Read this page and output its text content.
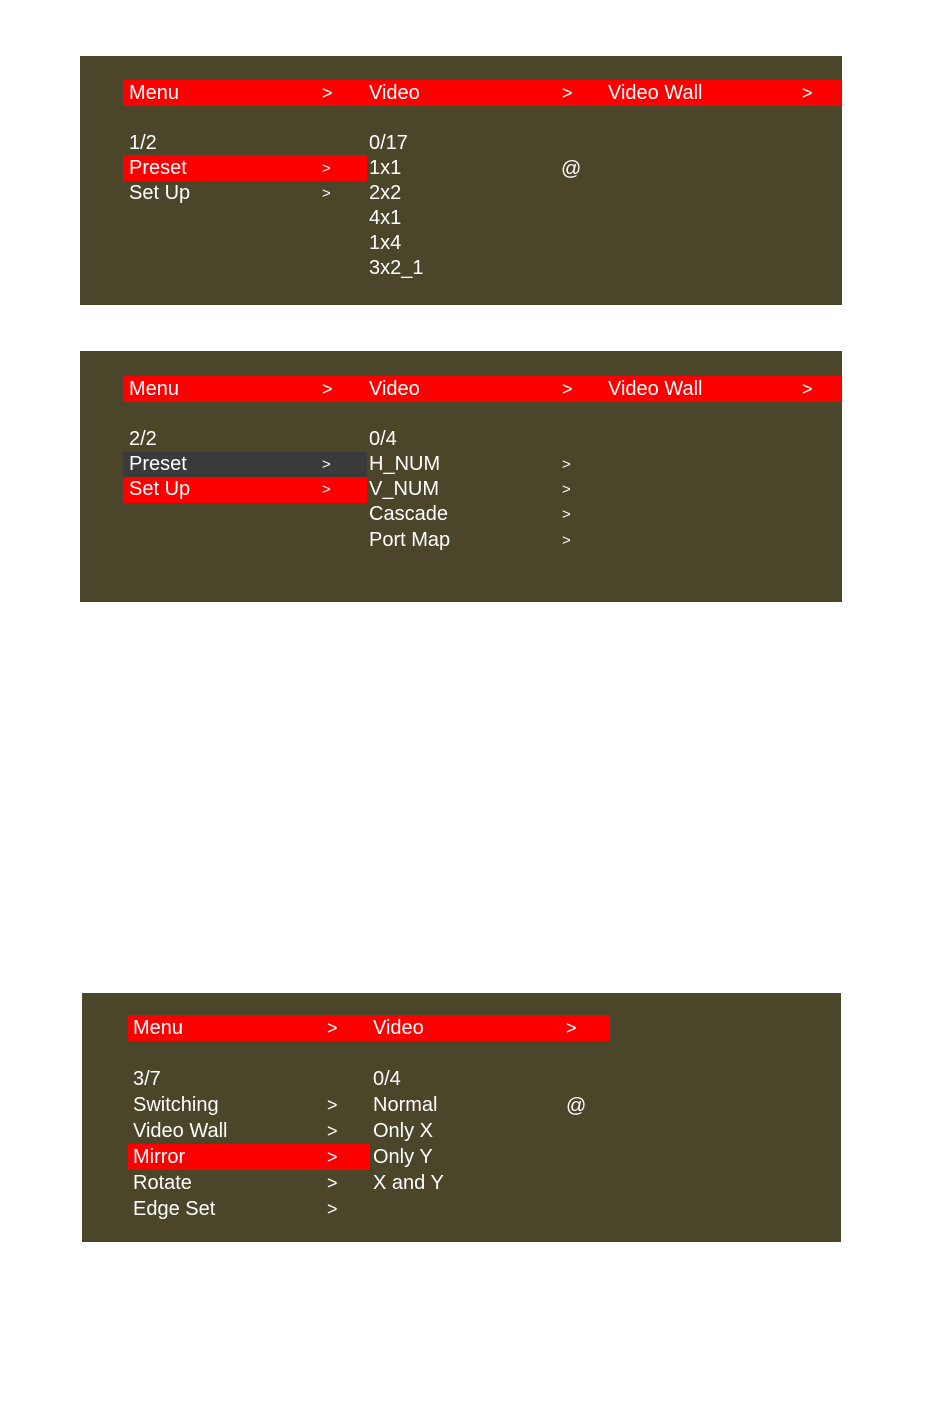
Menu	> Video	> Video Wall	>
1/2	0/17
Preset	>
Set Up	>
1x1	@
2x2
4x1
1x4
3x2_1
Menu	> Video	> Video Wall	>
2/2	0/4
Preset	>
Set Up	>
H_NUM	>
V_NUM	>
Cascade	>
Port Map	>
Menu	> Video	>
3/7	0/4
Switching	>
Video Wall	>
Mirror	>
Rotate	>
Edge Set	>
Normal	@
Only X
Only Y
X and Y
